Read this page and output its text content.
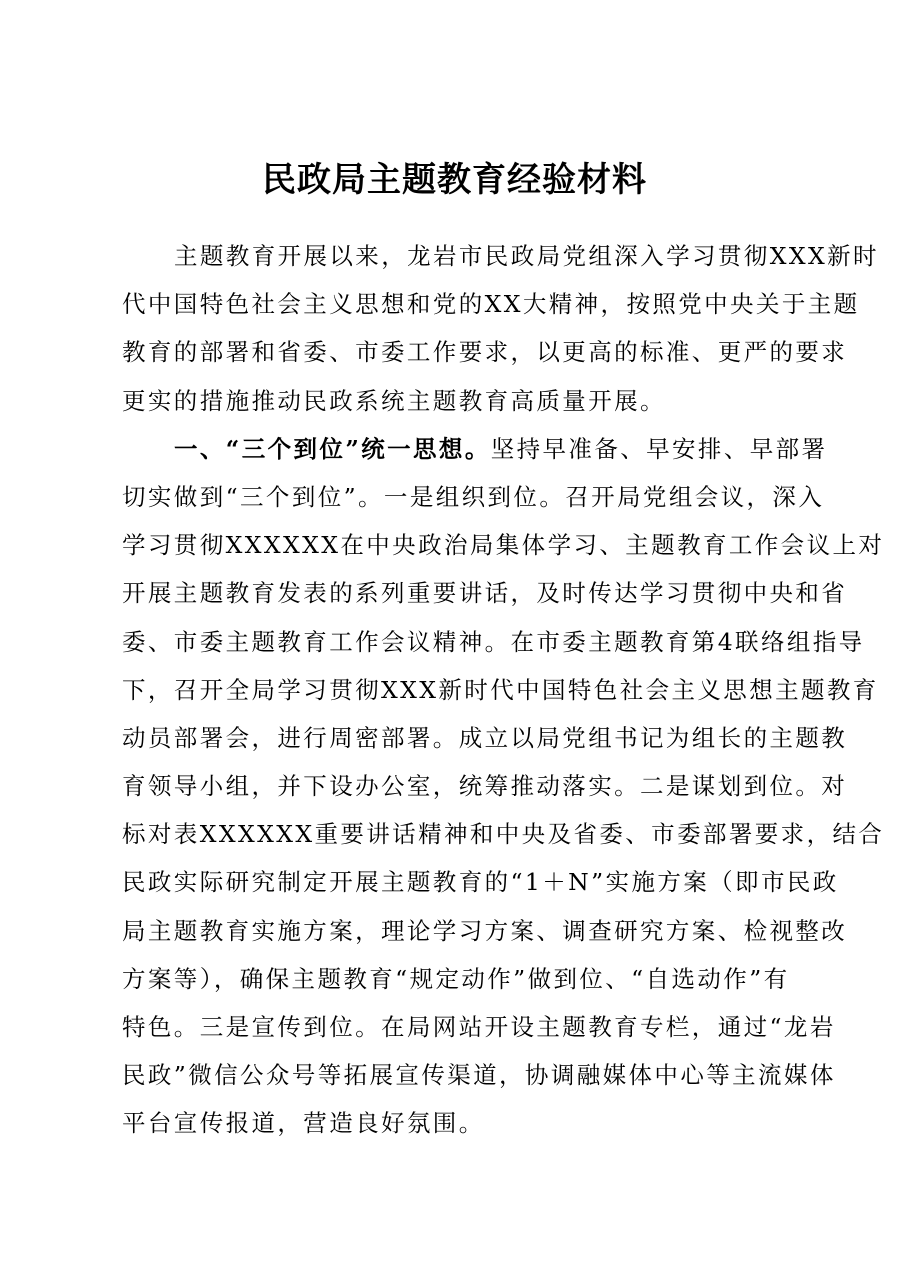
民政局主题教育经验材料
主题教育开展以来，龙岩市民政局党组深入学习贯彻XXX新时
代中国特色社会主义思想和党的XX大精神，按照党中央关于主题
教育的部署和省委、市委工作要求，以更高的标准、更严的要求
更实的措施推动民政系统主题教育高质量开展。
一、“三个到位”统一思想。坚持早准备、早安排、早部署
切实做到“三个到位”。一是组织到位。召开局党组会议，深入
学习贯彻XXXXXX在中央政治局集体学习、主题教育工作会议上对
开展主题教育发表的系列重要讲话，及时传达学习贯彻中央和省
委、市委主题教育工作会议精神。在市委主题教育第4联络组指导
下，召开全局学习贯彻XXX新时代中国特色社会主义思想主题教育
动员部署会，进行周密部署。成立以局党组书记为组长的主题教
育领导小组，并下设办公室，统筹推动落实。二是谋划到位。对
标对表XXXXXX重要讲话精神和中央及省委、市委部署要求，结合
民政实际研究制定开展主题教育的“1＋N”实施方案（即市民政
局主题教育实施方案，理论学习方案、调查研究方案、检视整改
方案等），确保主题教育“规定动作”做到位、“自选动作”有
特色。三是宣传到位。在局网站开设主题教育专栏，通过“龙岩
民政”微信公众号等拓展宣传渠道，协调融媒体中心等主流媒体
平台宣传报道，营造良好氛围。
